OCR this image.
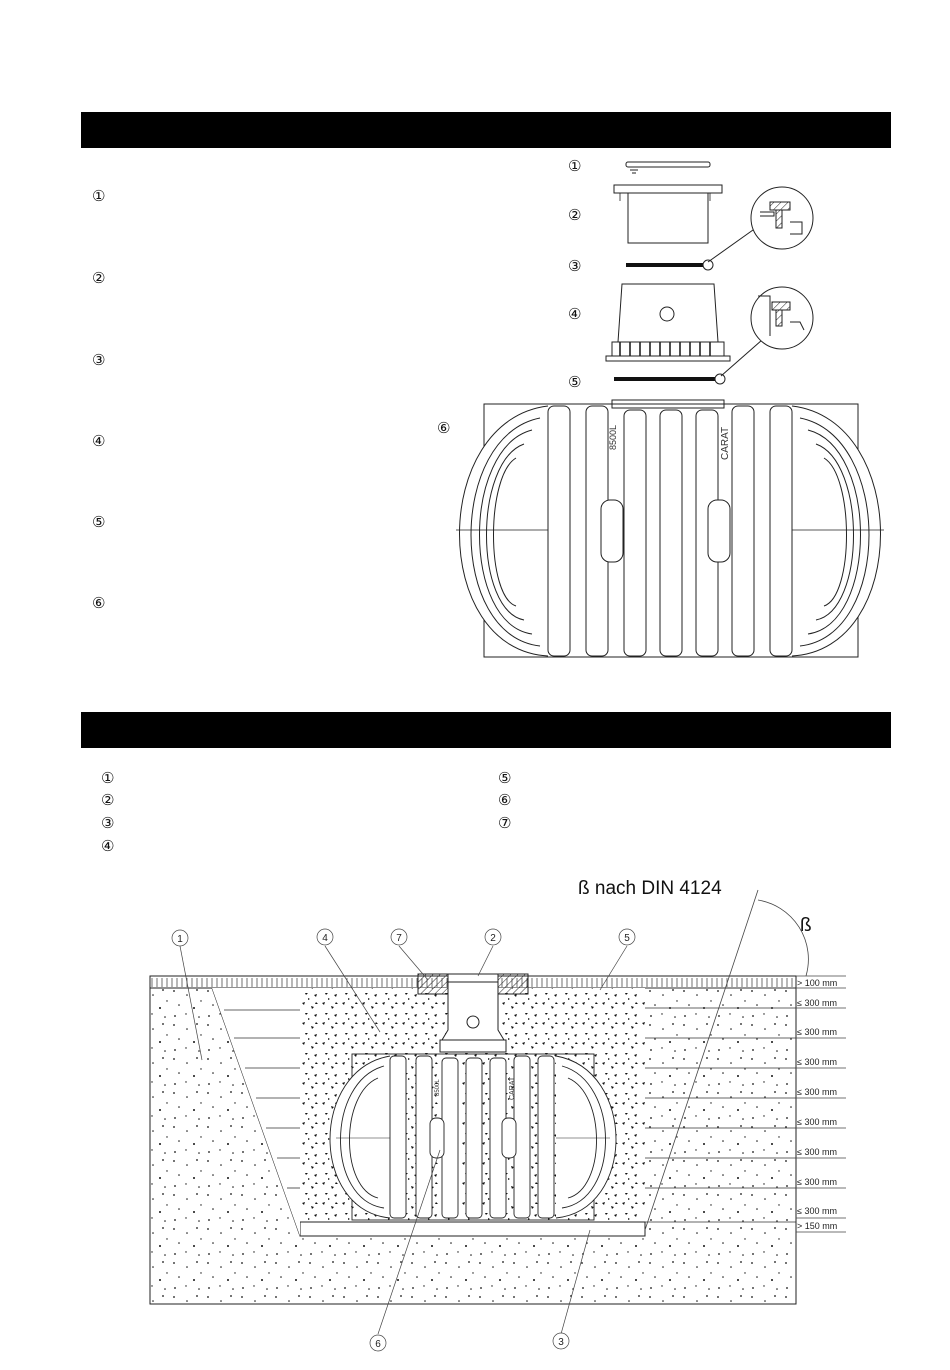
①
②
③
④
⑤
⑥
①
②
③
④
⑤
⑥
①
②
③
④
⑤
⑥
⑦
ß nach DIN 4124
ß
8500L	CARAT
8500L	CARAT
1	4	7	2	5
6	3
> 100 mm
≤ 300 mm
≤ 300 mm
≤ 300 mm
≤ 300 mm
≤ 300 mm
≤ 300 mm
≤ 300 mm
≤ 300 mm
> 150 mm
